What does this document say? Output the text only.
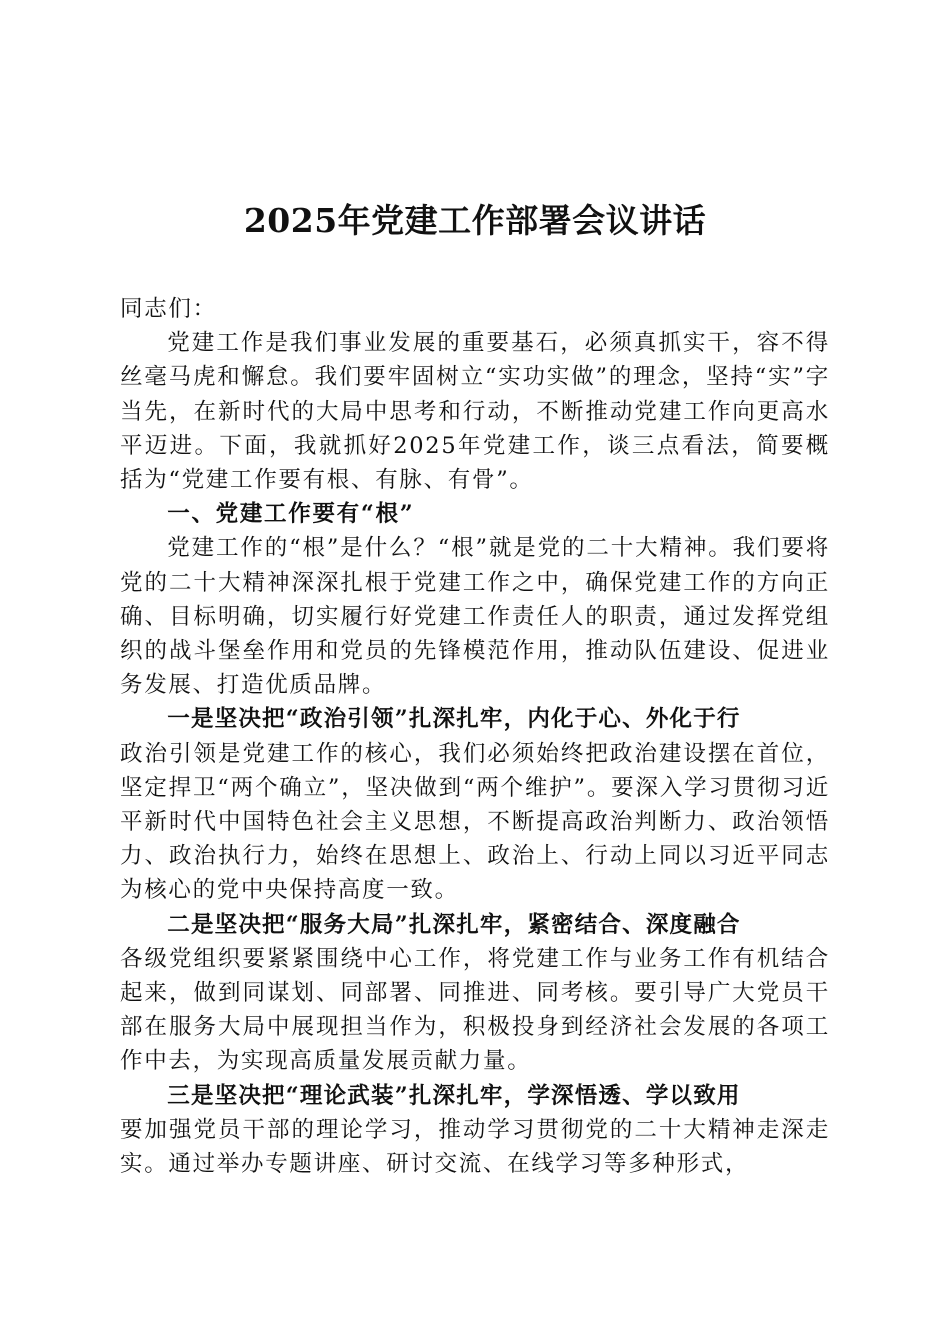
2025年党建工作部署会议讲话

同志们：

党建工作是我们事业发展的重要基石，必须真抓实干，容不得丝毫马虎和懈怠。我们要牢固树立“实功实做”的理念，坚持“实”字当先，在新时代的大局中思考和行动，不断推动党建工作向更高水平迈进。下面，我就抓好2025年党建工作，谈三点看法，简要概括为“党建工作要有根、有脉、有骨”。

一、党建工作要有“根”

党建工作的“根”是什么？“根”就是党的二十大精神。我们要将党的二十大精神深深扎根于党建工作之中，确保党建工作的方向正确、目标明确，切实履行好党建工作责任人的职责，通过发挥党组织的战斗堡垒作用和党员的先锋模范作用，推动队伍建设、促进业务发展、打造优质品牌。

一是坚决把“政治引领”扎深扎牢，内化于心、外化于行

政治引领是党建工作的核心，我们必须始终把政治建设摆在首位，坚定捍卫“两个确立”，坚决做到“两个维护”。要深入学习贯彻习近平新时代中国特色社会主义思想，不断提高政治判断力、政治领悟力、政治执行力，始终在思想上、政治上、行动上同以习近平同志为核心的党中央保持高度一致。

二是坚决把“服务大局”扎深扎牢，紧密结合、深度融合

各级党组织要紧紧围绕中心工作，将党建工作与业务工作有机结合起来，做到同谋划、同部署、同推进、同考核。要引导广大党员干部在服务大局中展现担当作为，积极投身到经济社会发展的各项工作中去，为实现高质量发展贡献力量。

三是坚决把“理论武装”扎深扎牢，学深悟透、学以致用

要加强党员干部的理论学习，推动学习贯彻党的二十大精神走深走实。通过举办专题讲座、研讨交流、在线学习等多种形式，
